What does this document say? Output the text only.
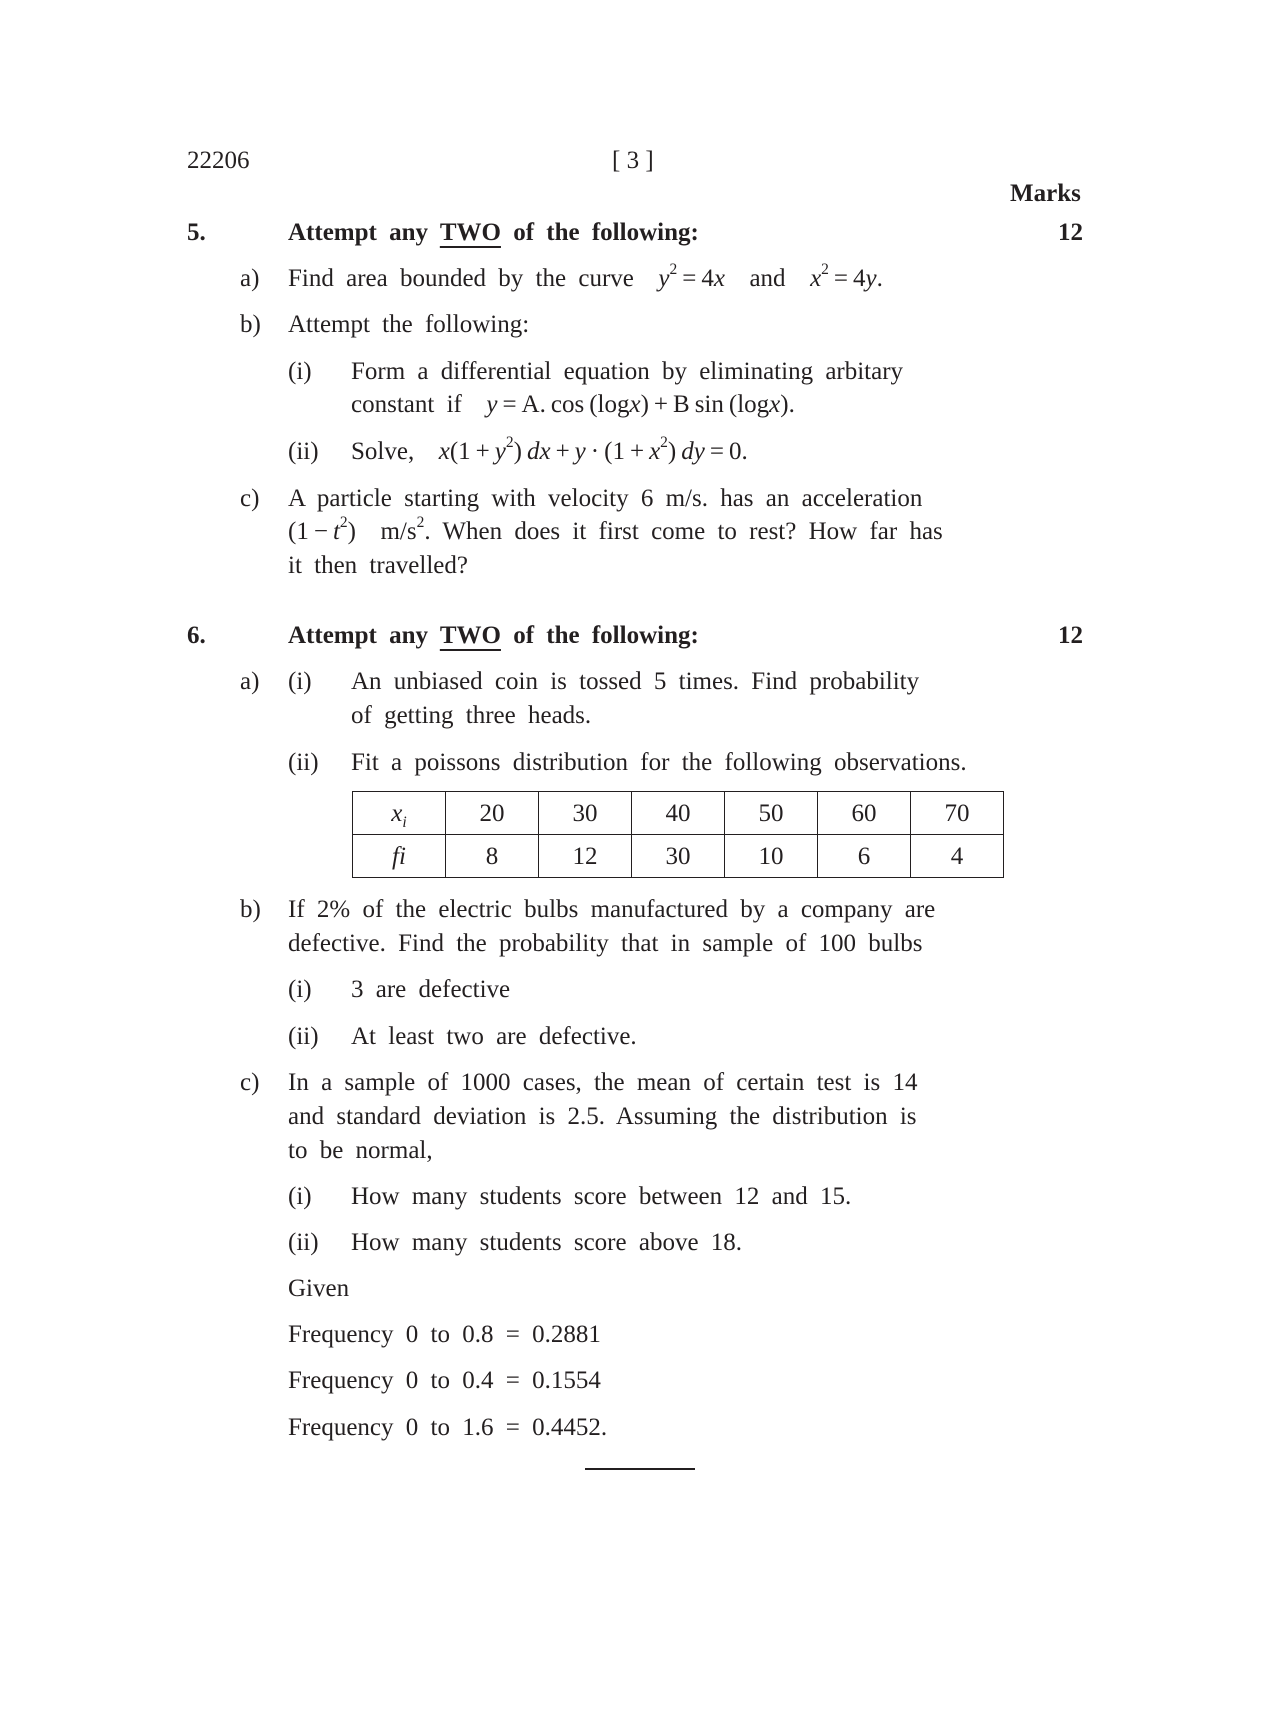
22206	[ 3 ]
Marks
5.	Attempt any TWO of the following:	12
a) Find area bounded by the curve $y^2 = 4x$ and $x^2 = 4y$.
b) Attempt the following:
(i) Form a differential equation by eliminating arbitary
constant if y = A. cos (logx) + B sin (logx).
(ii) Solve, $x(1 + y^2)$ dx + $y \cdot (1 + x^2)$ dy = 0.
c) A particle starting with velocity 6 m/s. has an acceleration
$(1 - t^2)$  $m/s^2$. When does it first come to rest? How far has
it then travelled?
6.	Attempt any TWO of the following:	12
a) (i) An unbiased coin is tossed 5 times. Find probability
of getting three heads.
(ii) Fit a poissons distribution for the following observations.
$x_i$	20	30	40	50	60	70
fi	8	12	30	10	6	4
b) If 2% of the electric bulbs manufactured by a company are
defective. Find the probability that in sample of 100 bulbs
(i) 3 are defective
(ii) At least two are defective.
c) In a sample of 1000 cases, the mean of certain test is 14
and standard deviation is 2.5. Assuming the distribution is
to be normal,
(i) How many students score between 12 and 15.
(ii) How many students score above 18.
Given
Frequency 0 to 0.8 = 0.2881
Frequency 0 to 0.4 = 0.1554
Frequency 0 to 1.6 = 0.4452.
